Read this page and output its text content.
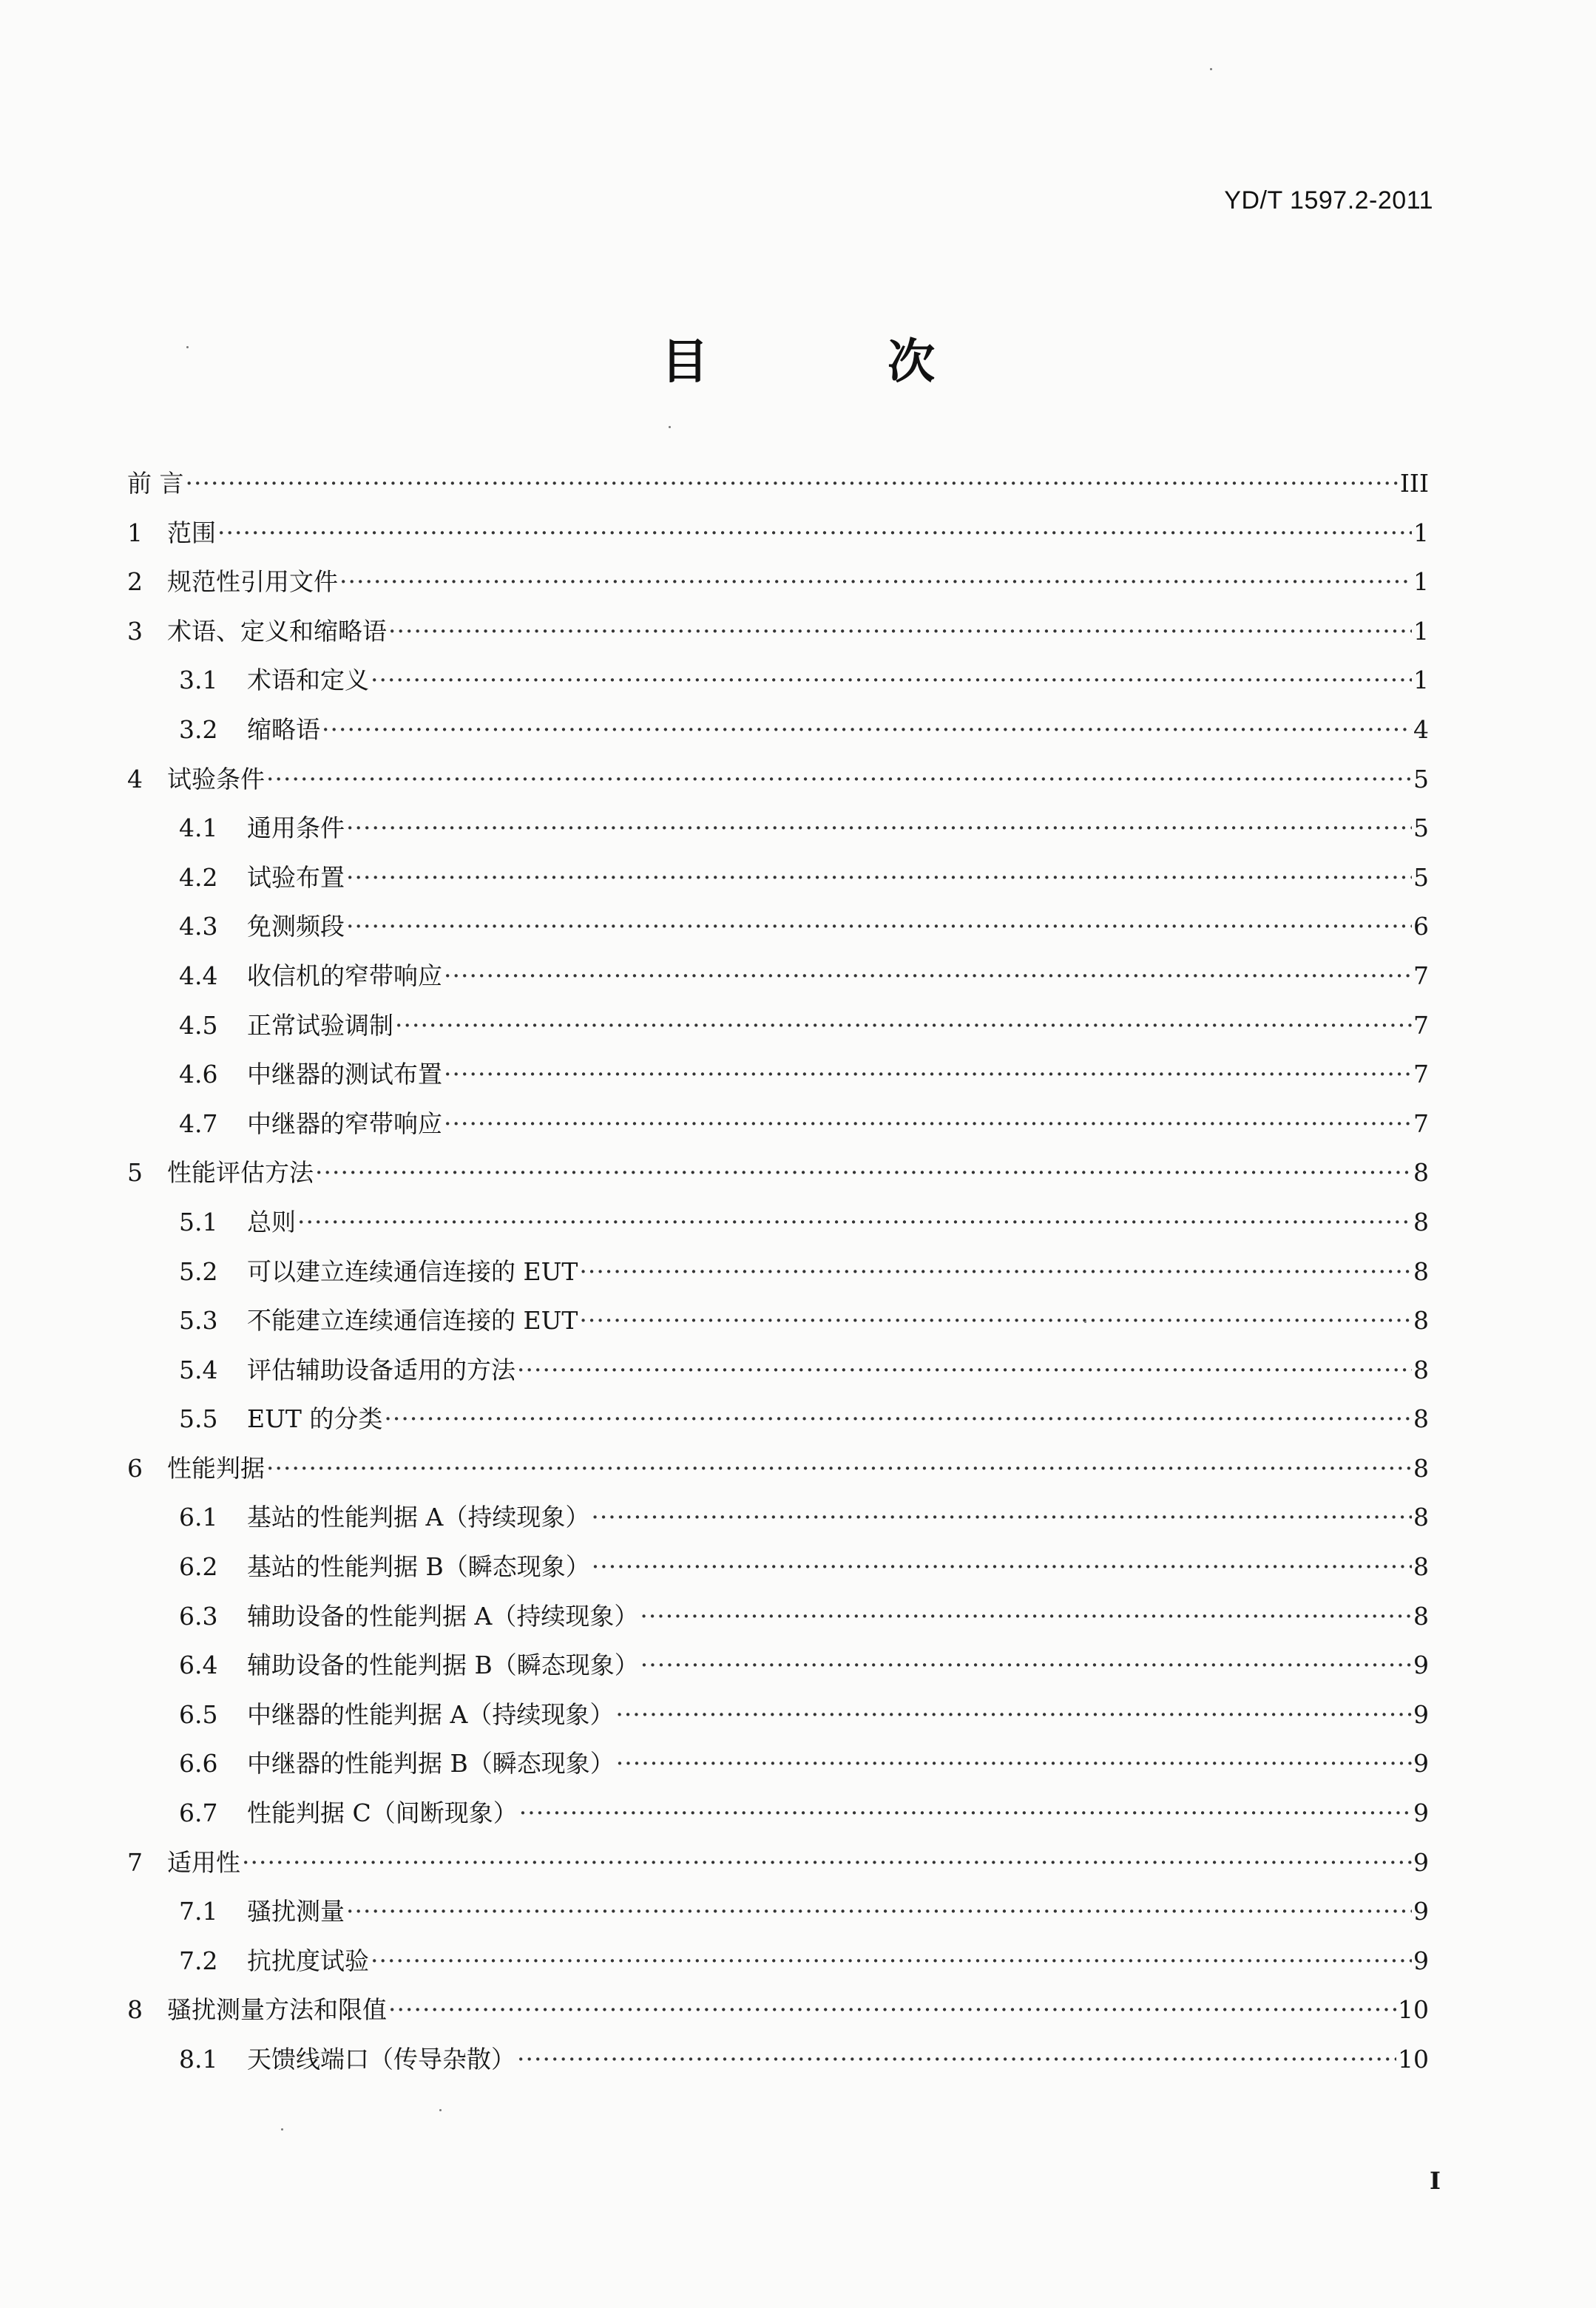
YD/T 1597.2-2011
目 次
前 言 ·····	III
1	范围 ·····	1
2	规范性引用文件 ·····	1
3	术语、定义和缩略语 ·····	1
3.1	术语和定义 ·····	1
3.2	缩略语 ·····	4
4	试验条件 ·····	5
4.1	通用条件 ·····	5
4.2	试验布置 ·····	5
4.3	免测频段 ·····	6
4.4	收信机的窄带响应 ·····	7
4.5	正常试验调制 ·····	7
4.6	中继器的测试布置 ·····	7
4.7	中继器的窄带响应 ·····	7
5	性能评估方法 ·····	8
5.1	总则 ·····	8
5.2	可以建立连续通信连接的 EUT ·····	8
5.3	不能建立连续通信连接的 EUT ·····	8
5.4	评估辅助设备适用的方法 ·····	8
5.5	EUT 的分类 ·····	8
6	性能判据 ·····	8
6.1	基站的性能判据 A（持续现象） ·····	8
6.2	基站的性能判据 B（瞬态现象） ·····	8
6.3	辅助设备的性能判据 A（持续现象） ·····	8
6.4	辅助设备的性能判据 B（瞬态现象） ·····	9
6.5	中继器的性能判据 A（持续现象） ·····	9
6.6	中继器的性能判据 B（瞬态现象） ·····	9
6.7	性能判据 C（间断现象） ·····	9
7	适用性 ·····	9
7.1	骚扰测量 ·····	9
7.2	抗扰度试验 ·····	9
8	骚扰测量方法和限值 ·····	10
8.1	天馈线端口（传导杂散） ·····	10
I
